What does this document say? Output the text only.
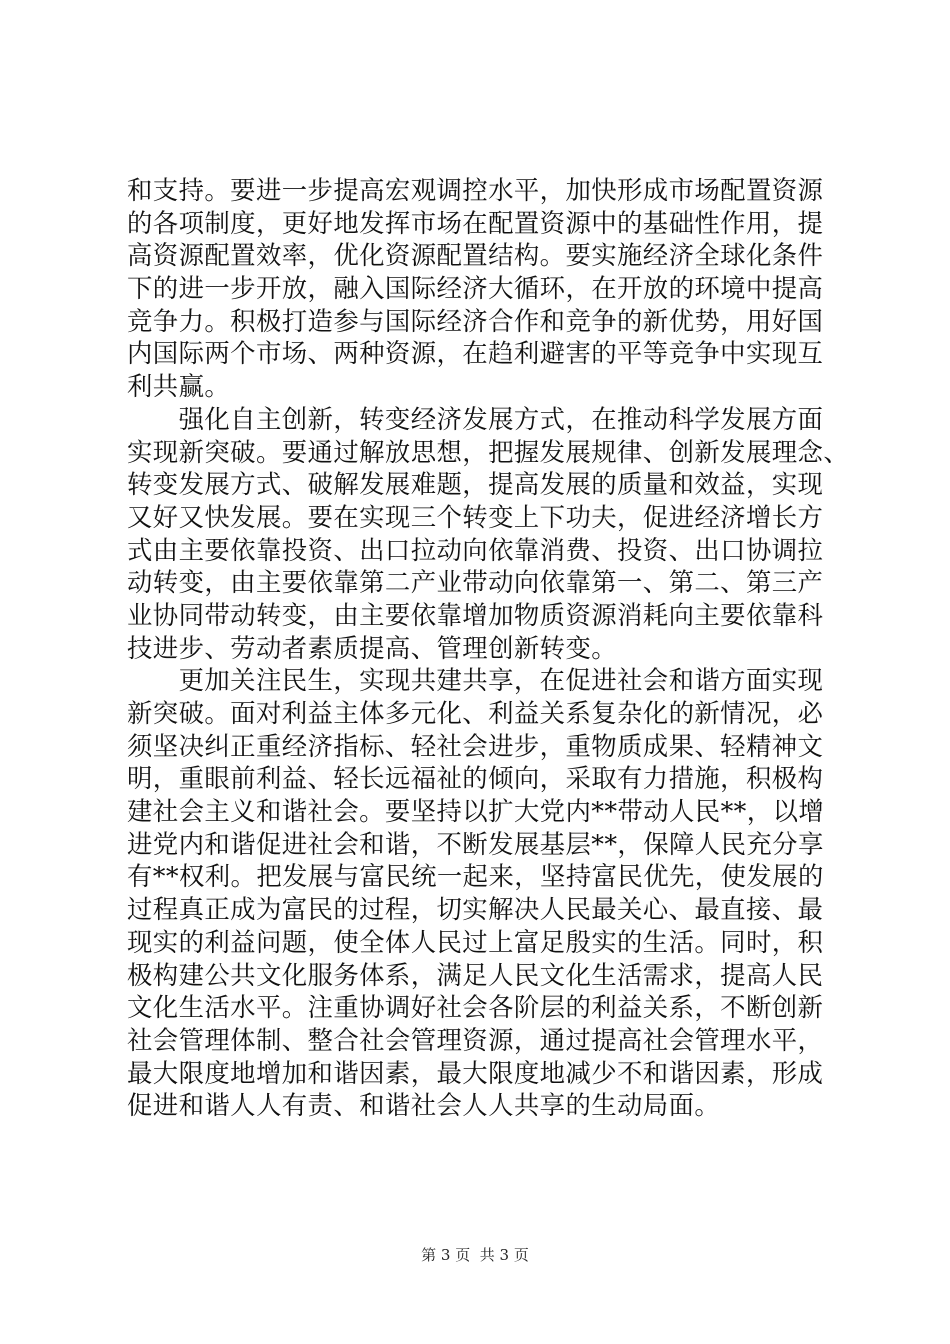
和支持。要进一步提高宏观调控水平，加快形成市场配置资源
的各项制度，更好地发挥市场在配置资源中的基础性作用，提
高资源配置效率，优化资源配置结构。要实施经济全球化条件
下的进一步开放，融入国际经济大循环，在开放的环境中提高
竞争力。积极打造参与国际经济合作和竞争的新优势，用好国
内国际两个市场、两种资源，在趋利避害的平等竞争中实现互
利共赢。
　　强化自主创新，转变经济发展方式，在推动科学发展方面
实现新突破。要通过解放思想，把握发展规律、创新发展理念、
转变发展方式、破解发展难题，提高发展的质量和效益，实现
又好又快发展。要在实现三个转变上下功夫，促进经济增长方
式由主要依靠投资、出口拉动向依靠消费、投资、出口协调拉
动转变，由主要依靠第二产业带动向依靠第一、第二、第三产
业协同带动转变，由主要依靠增加物质资源消耗向主要依靠科
技进步、劳动者素质提高、管理创新转变。
　　更加关注民生，实现共建共享，在促进社会和谐方面实现
新突破。面对利益主体多元化、利益关系复杂化的新情况，必
须坚决纠正重经济指标、轻社会进步，重物质成果、轻精神文
明，重眼前利益、轻长远福祉的倾向，采取有力措施，积极构
建社会主义和谐社会。要坚持以扩大党内**带动人民**，以增
进党内和谐促进社会和谐，不断发展基层**，保障人民充分享
有**权利。把发展与富民统一起来，坚持富民优先，使发展的
过程真正成为富民的过程，切实解决人民最关心、最直接、最
现实的利益问题，使全体人民过上富足殷实的生活。同时，积
极构建公共文化服务体系，满足人民文化生活需求，提高人民
文化生活水平。注重协调好社会各阶层的利益关系，不断创新
社会管理体制、整合社会管理资源，通过提高社会管理水平，
最大限度地增加和谐因素，最大限度地减少不和谐因素，形成
促进和谐人人有责、和谐社会人人共享的生动局面。
第 3 页  共 3 页
